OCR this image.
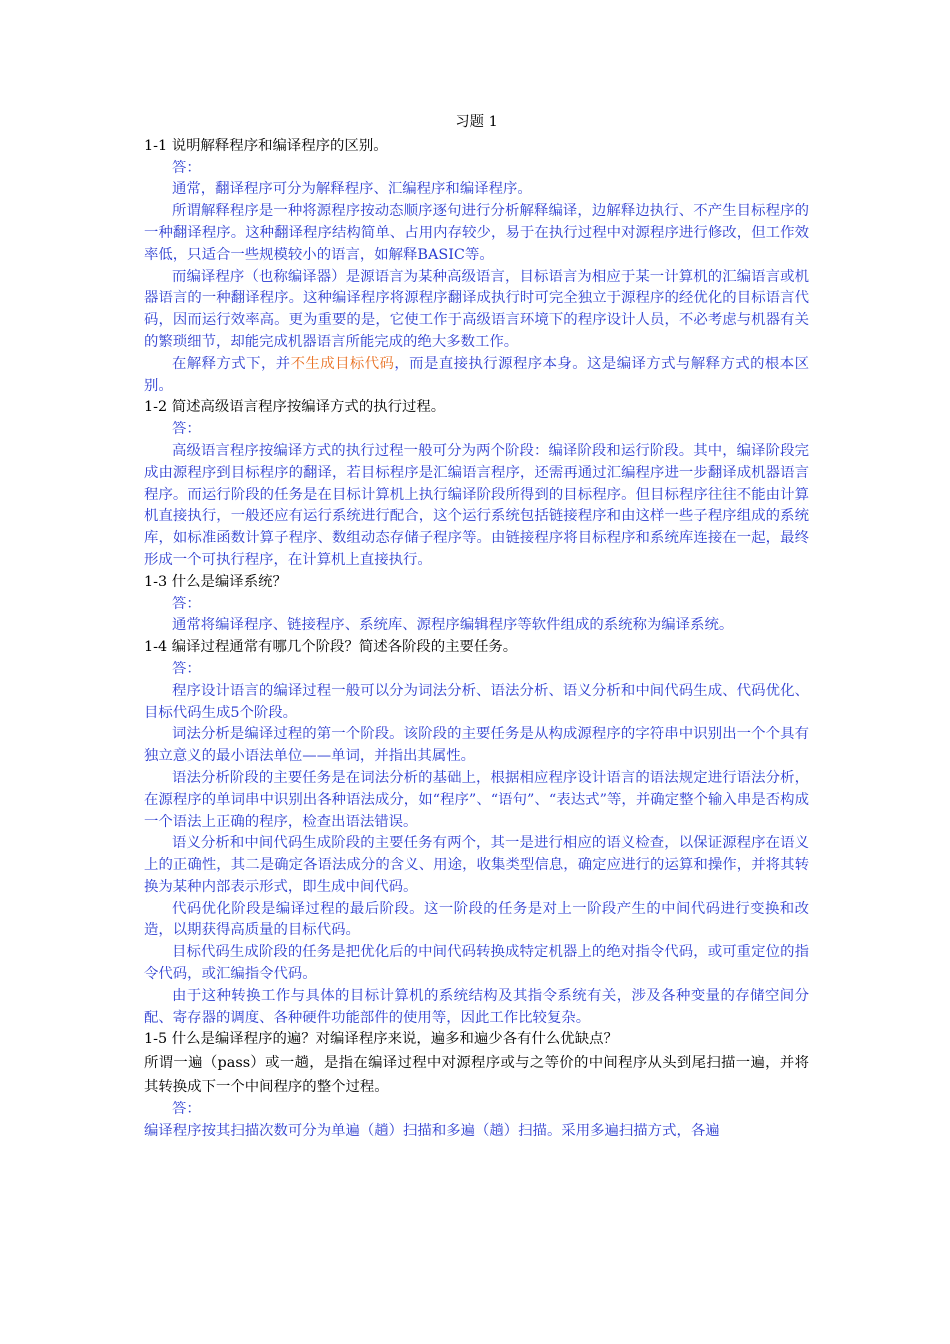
习题 1
1-1 说明解释程序和编译程序的区别。
答：
通常，翻译程序可分为解释程序、汇编程序和编译程序。
所谓解释程序是一种将源程序按动态顺序逐句进行分析解释编译，边解释边执行、不产生目标程序的一种翻译程序。这种翻译程序结构简单、占用内存较少，易于在执行过程中对源程序进行修改，但工作效率低，只适合一些规模较小的语言，如解释BASIC等。
而编译程序（也称编译器）是源语言为某种高级语言，目标语言为相应于某一计算机的汇编语言或机器语言的一种翻译程序。这种编译程序将源程序翻译成执行时可完全独立于源程序的经优化的目标语言代码，因而运行效率高。更为重要的是，它使工作于高级语言环境下的程序设计人员，不必考虑与机器有关的繁琐细节，却能完成机器语言所能完成的绝大多数工作。
在解释方式下，并不生成目标代码，而是直接执行源程序本身。这是编译方式与解释方式的根本区别。
1-2 简述高级语言程序按编译方式的执行过程。
答：
高级语言程序按编译方式的执行过程一般可分为两个阶段：编译阶段和运行阶段。其中，编译阶段完成由源程序到目标程序的翻译，若目标程序是汇编语言程序，还需再通过汇编程序进一步翻译成机器语言程序。而运行阶段的任务是在目标计算机上执行编译阶段所得到的目标程序。但目标程序往往不能由计算机直接执行，一般还应有运行系统进行配合，这个运行系统包括链接程序和由这样一些子程序组成的系统库，如标准函数计算子程序、数组动态存储子程序等。由链接程序将目标程序和系统库连接在一起，最终形成一个可执行程序，在计算机上直接执行。
1-3 什么是编译系统？
答：
通常将编译程序、链接程序、系统库、源程序编辑程序等软件组成的系统称为编译系统。
1-4 编译过程通常有哪几个阶段？简述各阶段的主要任务。
答：
程序设计语言的编译过程一般可以分为词法分析、语法分析、语义分析和中间代码生成、代码优化、目标代码生成5个阶段。
词法分析是编译过程的第一个阶段。该阶段的主要任务是从构成源程序的字符串中识别出一个个具有独立意义的最小语法单位——单词，并指出其属性。
语法分析阶段的主要任务是在词法分析的基础上，根据相应程序设计语言的语法规定进行语法分析，在源程序的单词串中识别出各种语法成分，如“程序”、“语句”、“表达式”等，并确定整个输入串是否构成一个语法上正确的程序，检查出语法错误。
语义分析和中间代码生成阶段的主要任务有两个，其一是进行相应的语义检查，以保证源程序在语义上的正确性，其二是确定各语法成分的含义、用途，收集类型信息，确定应进行的运算和操作，并将其转换为某种内部表示形式，即生成中间代码。
代码优化阶段是编译过程的最后阶段。这一阶段的任务是对上一阶段产生的中间代码进行变换和改造，以期获得高质量的目标代码。
目标代码生成阶段的任务是把优化后的中间代码转换成特定机器上的绝对指令代码，或可重定位的指令代码，或汇编指令代码。
由于这种转换工作与具体的目标计算机的系统结构及其指令系统有关，涉及各种变量的存储空间分配、寄存器的调度、各种硬件功能部件的使用等，因此工作比较复杂。
1-5 什么是编译程序的遍？对编译程序来说，遍多和遍少各有什么优缺点？
所谓一遍（pass）或一趟，是指在编译过程中对源程序或与之等价的中间程序从头到尾扫描一遍，并将其转换成下一个中间程序的整个过程。
答：
编译程序按其扫描次数可分为单遍（趟）扫描和多遍（趟）扫描。采用多遍扫描方式，各遍
